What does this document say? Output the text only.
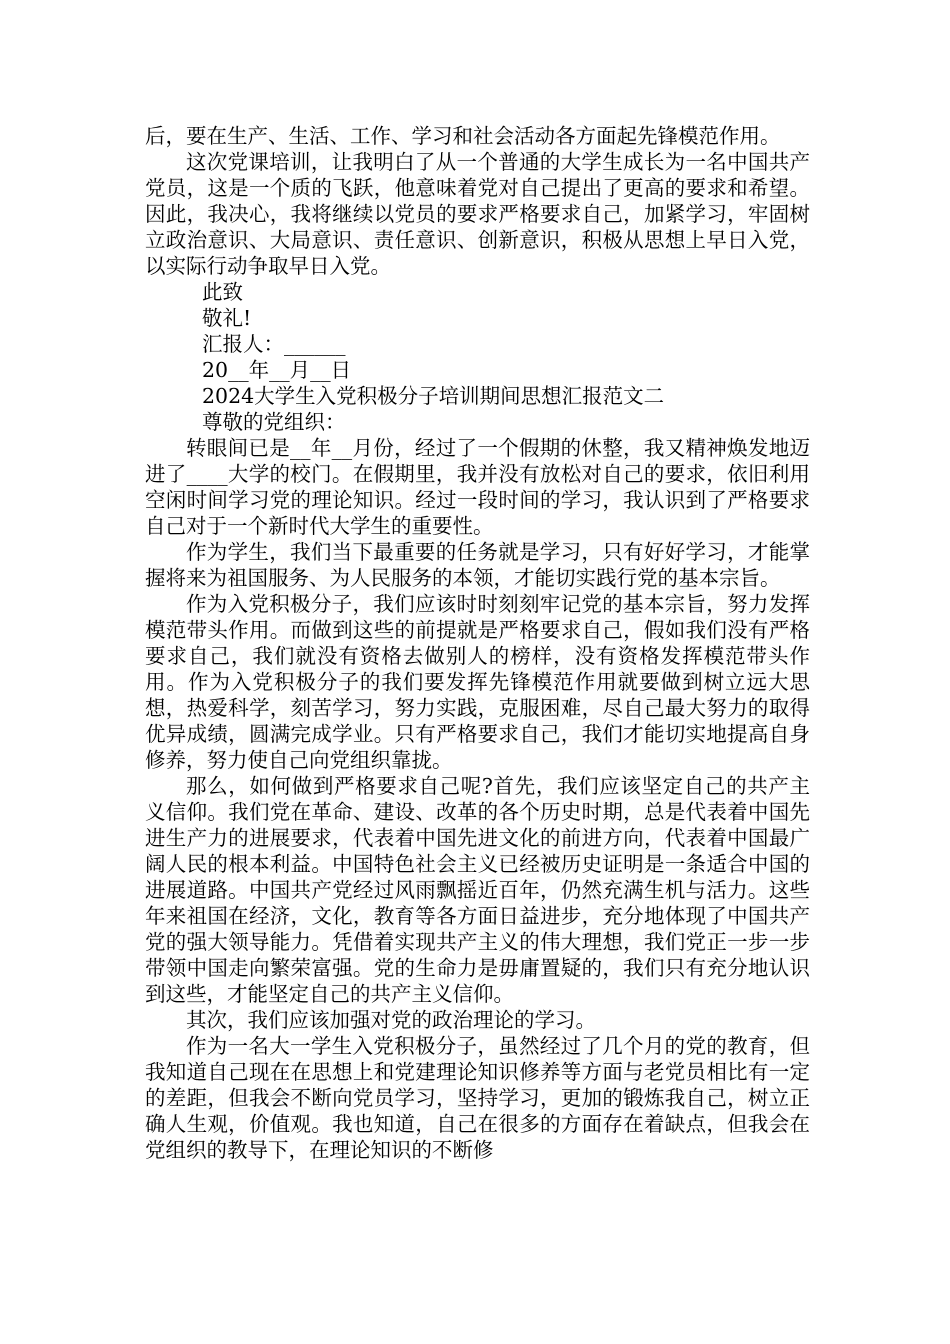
后，要在生产、生活、工作、学习和社会活动各方面起先锋模范作用。

这次党课培训，让我明白了从一个普通的大学生成长为一名中国共产党员，这是一个质的飞跃，他意味着党对自己提出了更高的要求和希望。因此，我决心，我将继续以党员的要求严格要求自己，加紧学习，牢固树立政治意识、大局意识、责任意识、创新意识，积极从思想上早日入党，以实际行动争取早日入党。

此致

敬礼!

汇报人：______

20__年__月__日

2024大学生入党积极分子培训期间思想汇报范文二

尊敬的党组织：

转眼间已是__年__月份，经过了一个假期的休整，我又精神焕发地迈进了____大学的校门。在假期里，我并没有放松对自己的要求，依旧利用空闲时间学习党的理论知识。经过一段时间的学习，我认识到了严格要求自己对于一个新时代大学生的重要性。

作为学生，我们当下最重要的任务就是学习，只有好好学习，才能掌握将来为祖国服务、为人民服务的本领，才能切实践行党的基本宗旨。

作为入党积极分子，我们应该时时刻刻牢记党的基本宗旨，努力发挥模范带头作用。而做到这些的前提就是严格要求自己，假如我们没有严格要求自己，我们就没有资格去做别人的榜样，没有资格发挥模范带头作用。作为入党积极分子的我们要发挥先锋模范作用就要做到树立远大思想，热爱科学，刻苦学习，努力实践，克服困难，尽自己最大努力的取得优异成绩，圆满完成学业。只有严格要求自己，我们才能切实地提高自身修养，努力使自己向党组织靠拢。

那么，如何做到严格要求自己呢?首先，我们应该坚定自己的共产主义信仰。我们党在革命、建设、改革的各个历史时期，总是代表着中国先进生产力的进展要求，代表着中国先进文化的前进方向，代表着中国最广阔人民的根本利益。中国特色社会主义已经被历史证明是一条适合中国的进展道路。中国共产党经过风雨飘摇近百年，仍然充满生机与活力。这些年来祖国在经济，文化，教育等各方面日益进步，充分地体现了中国共产党的强大领导能力。凭借着实现共产主义的伟大理想，我们党正一步一步带领中国走向繁荣富强。党的生命力是毋庸置疑的，我们只有充分地认识到这些，才能坚定自己的共产主义信仰。

其次，我们应该加强对党的政治理论的学习。

作为一名大一学生入党积极分子，虽然经过了几个月的党的教育，但我知道自己现在在思想上和党建理论知识修养等方面与老党员相比有一定的差距，但我会不断向党员学习，坚持学习，更加的锻炼我自己，树立正确人生观，价值观。我也知道，自己在很多的方面存在着缺点，但我会在党组织的教导下，在理论知识的不断修
